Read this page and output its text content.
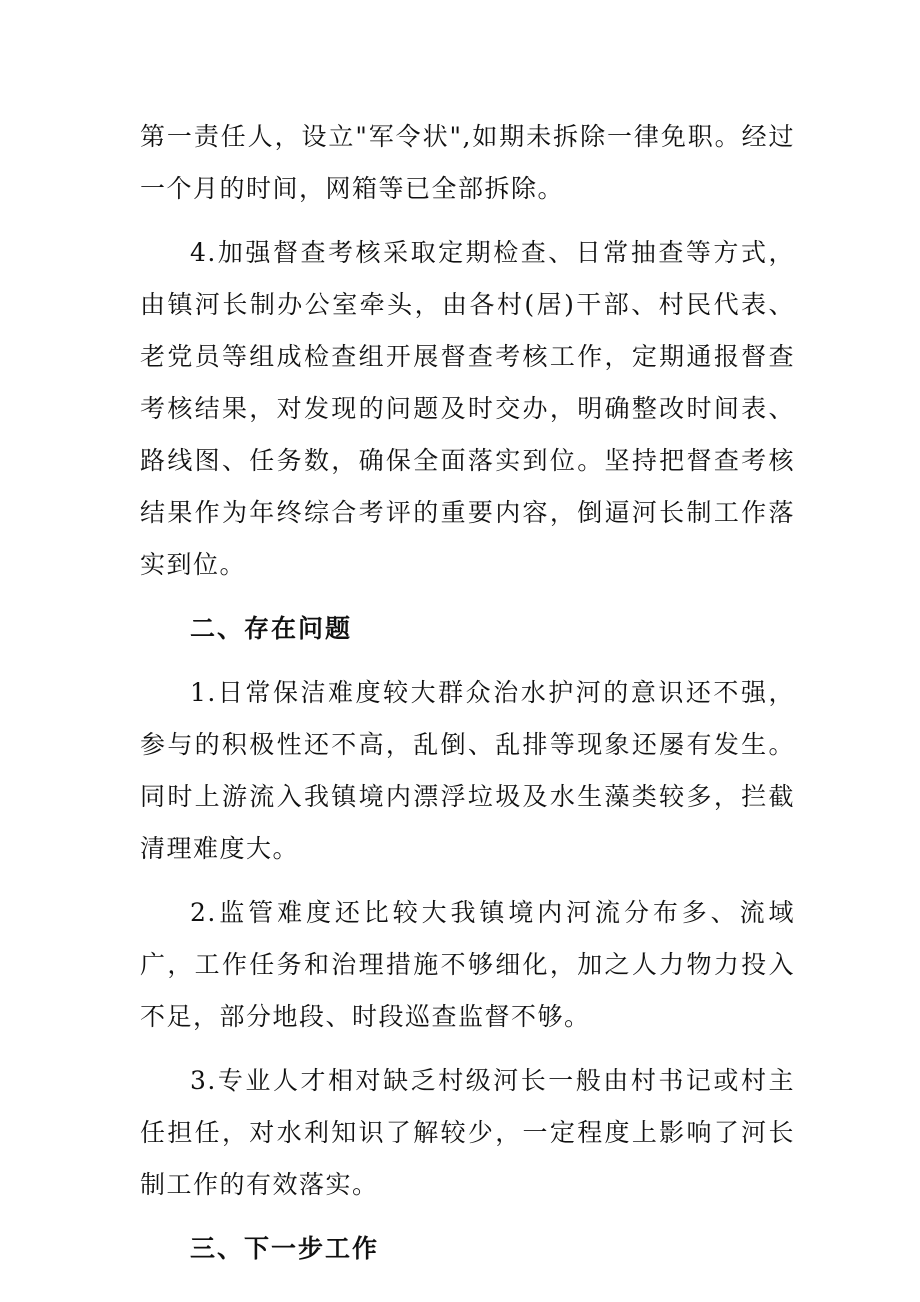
第一责任人，设立"军令状",如期未拆除一律免职。经过一个月的时间，网箱等已全部拆除。

4.加强督查考核采取定期检查、日常抽查等方式，由镇河长制办公室牵头，由各村(居)干部、村民代表、老党员等组成检查组开展督查考核工作，定期通报督查考核结果，对发现的问题及时交办，明确整改时间表、路线图、任务数，确保全面落实到位。坚持把督查考核结果作为年终综合考评的重要内容，倒逼河长制工作落实到位。

二、存在问题

1.日常保洁难度较大群众治水护河的意识还不强，参与的积极性还不高，乱倒、乱排等现象还屡有发生。同时上游流入我镇境内漂浮垃圾及水生藻类较多，拦截清理难度大。

2.监管难度还比较大我镇境内河流分布多、流域广，工作任务和治理措施不够细化，加之人力物力投入不足，部分地段、时段巡查监督不够。

3.专业人才相对缺乏村级河长一般由村书记或村主任担任，对水利知识了解较少，一定程度上影响了河长制工作的有效落实。

三、下一步工作
